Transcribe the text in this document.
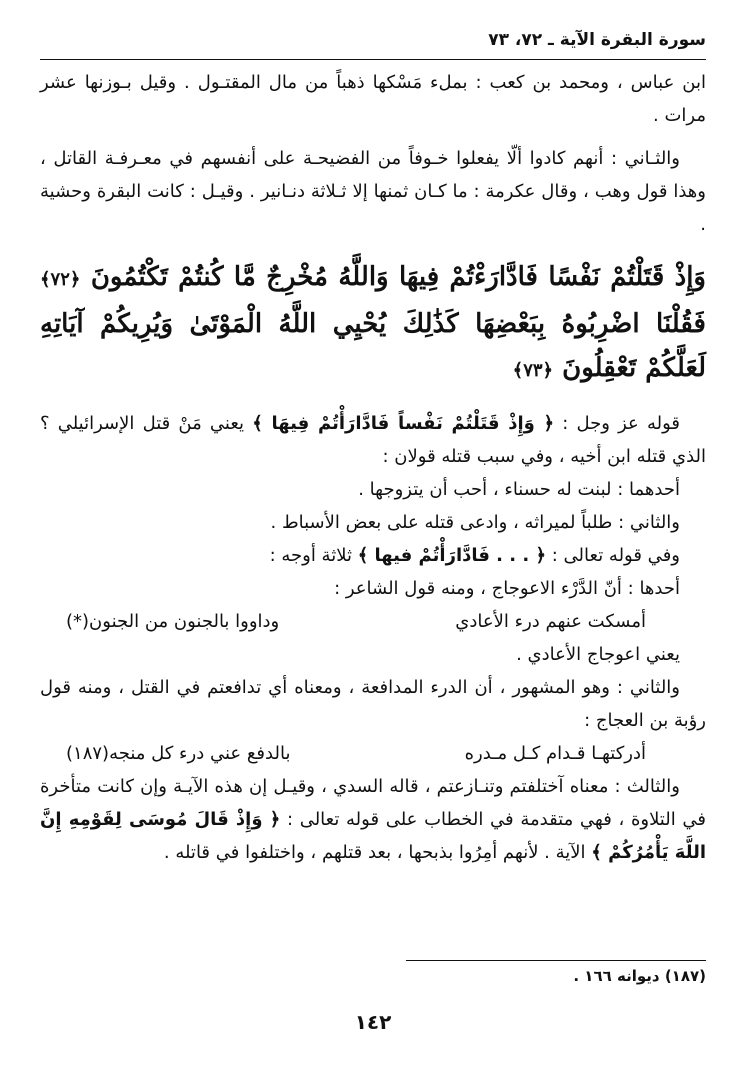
سورة البقرة الآية ـ ٧٢، ٧٣

ابن عباس ، ومحمد بن كعب : بملء مَسْكها ذهباً من مال المقتـول . وقيل بـوزنها عشر مرات .

والثـاني : أنهم كادوا ألّا يفعلوا خـوفاً من الفضيحـة على أنفسهم في معـرفـة القاتل ، وهذا قول وهب ، وقال عكرمة : ما كـان ثمنها إلا ثـلاثة دنـانير . وقيـل : كانت البقرة وحشية .

وَإِذْ قَتَلْتُمْ نَفْسًا فَادَّارَءْتُمْ فِيهَا وَاللَّهُ مُخْرِجٌ مَّا كُنتُمْ تَكْتُمُونَ ﴿٧٢﴾ فَقُلْنَا اضْرِبُوهُ بِبَعْضِهَا كَذَٰلِكَ يُحْيِي اللَّهُ الْمَوْتَىٰ وَيُرِيكُمْ آيَاتِهِ لَعَلَّكُمْ تَعْقِلُونَ ﴿٧٣﴾

قوله عز وجل : ﴿ وَإِذْ قَتَلْتُمْ نَفْساً فَادَّارَأْتُمْ فِيهَا ﴾ يعني مَنْ قتل الإسرائيلي ؟ الذي قتله ابن أخيه ، وفي سبب قتله قولان :

أحدهما : لبنت له حسناء ، أحب أن يتزوجها .

والثاني : طلباً لميراثه ، وادعى قتله على بعض الأسباط .

وفي قوله تعالى : ﴿ . . . فَادَّارَأْتُمْ فيها ﴾ ثلاثة أوجه :

أحدها : أنّ الدَّرْء الاعوجاج ، ومنه قول الشاعر :

أمسكت عنهم درء الأعادي
وداووا بالجنون من الجنون(*)

يعني اعوجاج الأعادي .

والثاني : وهو المشهور ، أن الدرء المدافعة ، ومعناه أي تدافعتم في القتل ، ومنه قول رؤبة بن العجاج :

أدركتهـا قـدام كـل مـدره
بالدفع عني درء كل منجه(١٨٧)

والثالث : معناه آختلفتم وتنـازعتم ، قاله السدي ، وقيـل إن هذه الآيـة وإن كانت متأخرة في التلاوة ، فهي متقدمة في الخطاب على قوله تعالى : ﴿ وَإِذْ قَالَ مُوسَى لِقَوْمِهِ إِنَّ اللَّهَ يَأْمُرُكُمْ ﴾ الآية . لأنهم أمِرُوا بذبحها ، بعد قتلهم ، واختلفوا في قاتله .

(١٨٧) ديوانه ١٦٦ .
١٤٢
